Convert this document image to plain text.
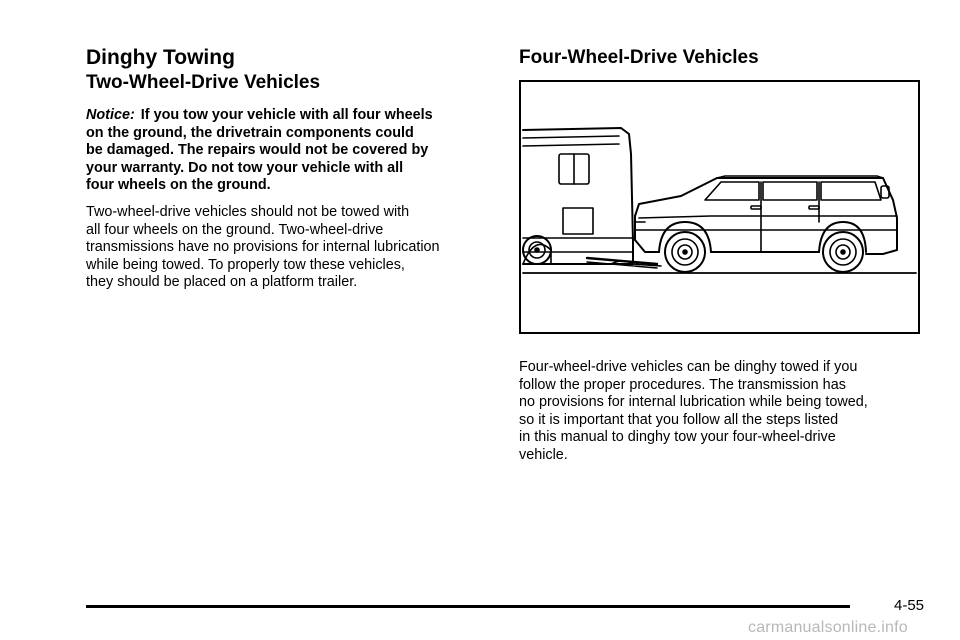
Dinghy Towing
Two-Wheel-Drive Vehicles

Notice: If you tow your vehicle with all four wheels
on the ground, the drivetrain components could
be damaged. The repairs would not be covered by
your warranty. Do not tow your vehicle with all
four wheels on the ground.

Two-wheel-drive vehicles should not be towed with
all four wheels on the ground. Two-wheel-drive
transmissions have no provisions for internal lubrication
while being towed. To properly tow these vehicles,
they should be placed on a platform trailer.

Four-Wheel-Drive Vehicles

Four-wheel-drive vehicles can be dinghy towed if you
follow the proper procedures. The transmission has
no provisions for internal lubrication while being towed,
so it is important that you follow all the steps listed
in this manual to dinghy tow your four-wheel-drive
vehicle.

4-55
carmanualsonline.info
